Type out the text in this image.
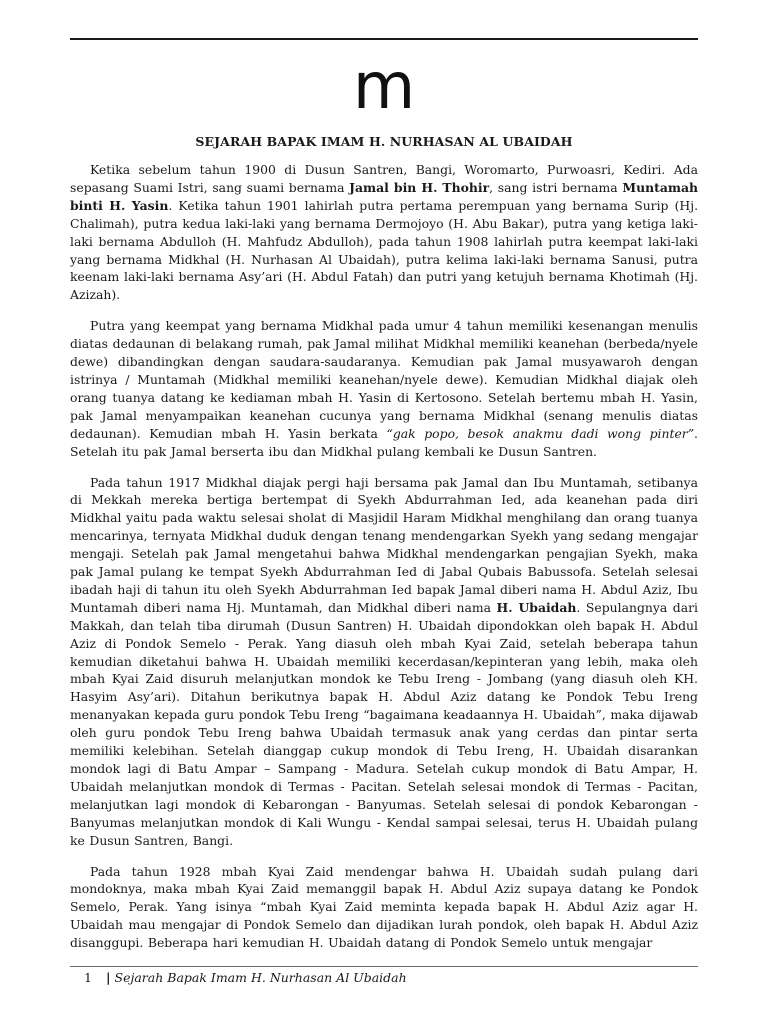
m
SEJARAH BAPAK IMAM H. NURHASAN AL UBAIDAH

Ketika sebelum tahun 1900 di Dusun Santren, Bangi, Woromarto, Purwoasri, Kediri. Ada sepasang Suami Istri, sang suami bernama Jamal bin H. Thohir, sang istri bernama Muntamah binti H. Yasin. Ketika tahun 1901 lahirlah putra pertama perempuan yang bernama Surip (Hj. Chalimah), putra kedua laki-laki yang bernama Dermojoyo (H. Abu Bakar), putra yang ketiga laki-laki bernama Abdulloh (H. Mahfudz Abdulloh), pada tahun 1908 lahirlah putra keempat laki-laki yang bernama Midkhal (H. Nurhasan Al Ubaidah), putra kelima laki-laki bernama Sanusi, putra keenam laki-laki bernama Asy’ari (H. Abdul Fatah) dan putri yang ketujuh bernama Khotimah (Hj. Azizah).

Putra yang keempat yang bernama Midkhal pada umur 4 tahun memiliki kesenangan menulis diatas dedaunan di belakang rumah, pak Jamal milihat Midkhal memiliki keanehan (berbeda/nyele dewe) dibandingkan dengan saudara-saudaranya. Kemudian pak Jamal musyawaroh dengan istrinya / Muntamah (Midkhal memiliki keanehan/nyele dewe). Kemudian Midkhal diajak oleh orang tuanya datang ke kediaman mbah H. Yasin di Kertosono. Setelah bertemu mbah H. Yasin, pak Jamal menyampaikan keanehan cucunya yang bernama Midkhal (senang menulis diatas dedaunan). Kemudian mbah H. Yasin berkata “gak popo, besok anakmu dadi wong pinter”. Setelah itu pak Jamal berserta ibu dan Midkhal pulang kembali ke Dusun Santren.

Pada tahun 1917 Midkhal diajak pergi haji bersama pak Jamal dan Ibu Muntamah, setibanya di Mekkah mereka bertiga bertempat di Syekh Abdurrahman Ied, ada keanehan pada diri Midkhal yaitu pada waktu selesai sholat di Masjidil Haram Midkhal menghilang dan orang tuanya mencarinya, ternyata Midkhal duduk dengan tenang mendengarkan Syekh yang sedang mengajar mengaji. Setelah pak Jamal mengetahui bahwa Midkhal mendengarkan pengajian Syekh, maka pak Jamal pulang ke tempat Syekh Abdurrahman Ied di Jabal Qubais Babussofa. Setelah selesai ibadah haji di tahun itu oleh Syekh Abdurrahman Ied bapak Jamal diberi nama H. Abdul Aziz, Ibu Muntamah diberi nama Hj. Muntamah, dan Midkhal diberi nama H. Ubaidah. Sepulangnya dari Makkah, dan telah tiba dirumah (Dusun Santren) H. Ubaidah dipondokkan oleh bapak H. Abdul Aziz di Pondok Semelo - Perak. Yang diasuh oleh mbah Kyai Zaid, setelah beberapa tahun kemudian diketahui bahwa H. Ubaidah memiliki kecerdasan/kepinteran yang lebih, maka oleh mbah Kyai Zaid disuruh melanjutkan mondok ke Tebu Ireng - Jombang (yang diasuh oleh KH. Hasyim Asy’ari). Ditahun berikutnya bapak H. Abdul Aziz datang ke Pondok Tebu Ireng menanyakan kepada guru pondok Tebu Ireng “bagaimana keadaannya H. Ubaidah”, maka dijawab oleh guru pondok Tebu Ireng bahwa Ubaidah termasuk anak yang cerdas dan pintar serta memiliki kelebihan. Setelah dianggap cukup mondok di Tebu Ireng, H. Ubaidah disarankan mondok lagi di Batu Ampar – Sampang - Madura. Setelah cukup mondok di Batu Ampar, H. Ubaidah melanjutkan mondok di Termas - Pacitan. Setelah selesai mondok di Termas - Pacitan, melanjutkan lagi mondok di Kebarongan - Banyumas. Setelah selesai di pondok Kebarongan - Banyumas melanjutkan mondok di Kali Wungu - Kendal sampai selesai, terus H. Ubaidah pulang ke Dusun Santren, Bangi.

Pada tahun 1928 mbah Kyai Zaid mendengar bahwa H. Ubaidah sudah pulang dari mondoknya, maka mbah Kyai Zaid memanggil bapak H. Abdul Aziz supaya datang ke Pondok Semelo, Perak. Yang isinya “mbah Kyai Zaid meminta kepada bapak H. Abdul Aziz agar H. Ubaidah mau mengajar di Pondok Semelo dan dijadikan lurah pondok, oleh bapak H. Abdul Aziz disanggupi. Beberapa hari kemudian H. Ubaidah datang di Pondok Semelo untuk mengajar

1 | Sejarah Bapak Imam H. Nurhasan Al Ubaidah
